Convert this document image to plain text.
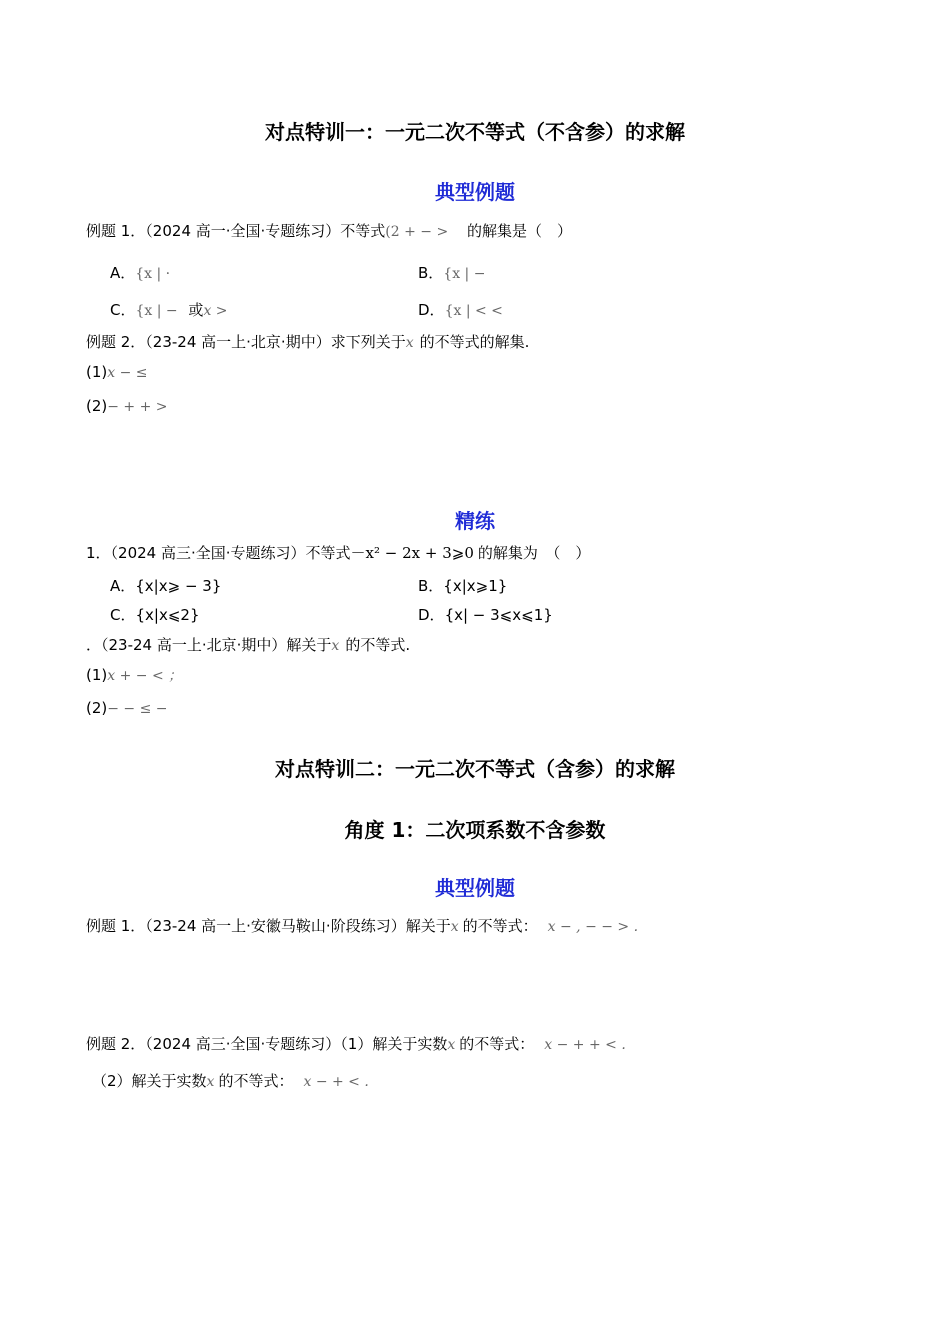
对点特训一：一元二次不等式（不含参）的求解
典型例题
例题 1．（2024 高一·全国·专题练习）不等式(2 + − > 的解集是（　）
A．{x | ·	B．{x | −
C．{x | − 或x >	D．{x | < <
例题 2．（23-24 高一上·北京·期中）求下列关于x 的不等式的解集.
(1)x − ≤
(2)− + + >
精练
1．（2024 高三·全国·专题练习）不等式－x² − 2x + 3⩾0 的解集为　（　）
A．{x|x⩾ − 3}	B．{x|x⩾1}
C．{x|x⩽2}	D．{x| − 3⩽x⩽1}
．（23-24 高一上·北京·期中）解关于x 的不等式.
(1)x + − < ；
(2)− − ≤ −
对点特训二：一元二次不等式（含参）的求解
角度 1：二次项系数不含参数
典型例题
例题 1．（23-24 高一上·安徽马鞍山·阶段练习）解关于x 的不等式： x − , − − > .
例题 2．（2024 高三·全国·专题练习）（1）解关于实数x 的不等式： x − + + < .
（2）解关于实数x 的不等式： x − + < .
